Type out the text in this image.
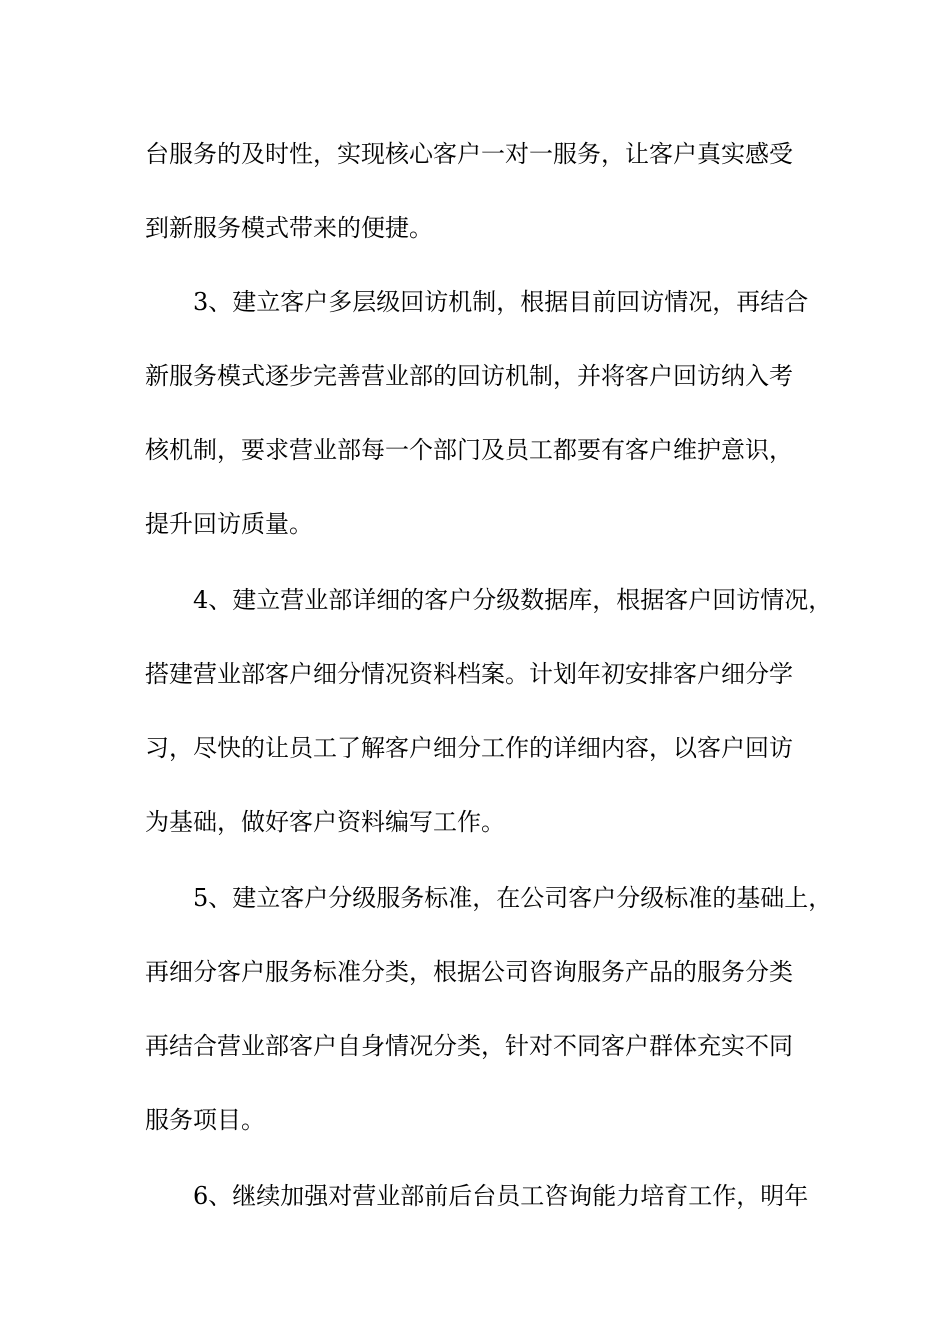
台服务的及时性，实现核心客户一对一服务，让客户真实感受
到新服务模式带来的便捷。
3、建立客户多层级回访机制，根据目前回访情况，再结合
新服务模式逐步完善营业部的回访机制，并将客户回访纳入考
核机制，要求营业部每一个部门及员工都要有客户维护意识，
提升回访质量。
4、建立营业部详细的客户分级数据库，根据客户回访情况，
搭建营业部客户细分情况资料档案。计划年初安排客户细分学
习，尽快的让员工了解客户细分工作的详细内容，以客户回访
为基础，做好客户资料编写工作。
5、建立客户分级服务标准，在公司客户分级标准的基础上，
再细分客户服务标准分类，根据公司咨询服务产品的服务分类
再结合营业部客户自身情况分类，针对不同客户群体充实不同
服务项目。
6、继续加强对营业部前后台员工咨询能力培育工作，明年
